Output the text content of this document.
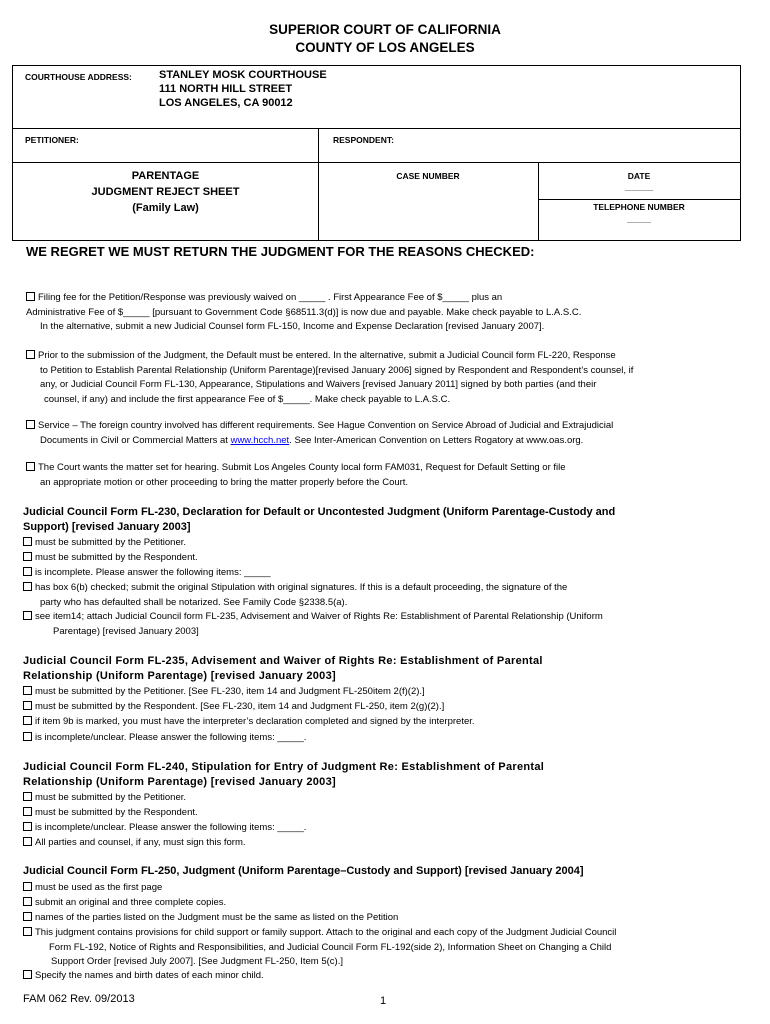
SUPERIOR COURT OF CALIFORNIA
COUNTY OF LOS ANGELES
COURTHOUSE ADDRESS: STANLEY MOSK COURTHOUSE
111 NORTH HILL STREET
LOS ANGELES, CA 90012
PETITIONER:	RESPONDENT:
PARENTAGE
JUDGMENT REJECT SHEET
(Family Law)
CASE NUMBER	DATE
______
TELEPHONE NUMBER
_____
WE REGRET WE MUST RETURN THE JUDGMENT FOR THE REASONS CHECKED:
Filing fee for the Petition/Response was previously waived on _____ . First Appearance Fee of $_____ plus an
Administrative Fee of $_____ [pursuant to Government Code §68511.3(d)] is now due and payable. Make check payable to L.A.S.C.
In the alternative, submit a new Judicial Counsel form FL-150, Income and Expense Declaration [revised January 2007].
Prior to the submission of the Judgment, the Default must be entered. In the alternative, submit a Judicial Council form FL-220, Response
to Petition to Establish Parental Relationship (Uniform Parentage)[revised January 2006] signed by Respondent and Respondent’s counsel, if
any, or Judicial Council Form FL-130, Appearance, Stipulations and Waivers [revised January 2011] signed by both parties (and their
counsel, if any) and include the first appearance Fee of $_____. Make check payable to L.A.S.C.
Service – The foreign country involved has different requirements. See Hague Convention on Service Abroad of Judicial and Extrajudicial
Documents in Civil or Commercial Matters at www.hcch.net. See Inter-American Convention on Letters Rogatory at www.oas.org.
The Court wants the matter set for hearing. Submit Los Angeles County local form FAM031, Request for Default Setting or file
an appropriate motion or other proceeding to bring the matter properly before the Court.
Judicial Council Form FL-230, Declaration for Default or Uncontested Judgment (Uniform Parentage-Custody and
Support) [revised January 2003]
must be submitted by the Petitioner.
must be submitted by the Respondent.
is incomplete. Please answer the following items: _____
has box 6(b) checked; submit the original Stipulation with original signatures. If this is a default proceeding, the signature of the
party who has defaulted shall be notarized. See Family Code §2338.5(a).
see item14; attach Judicial Council form FL-235, Advisement and Waiver of Rights Re: Establishment of Parental Relationship (Uniform
Parentage) [revised January 2003]
Judicial Council Form FL-235, Advisement and Waiver of Rights Re: Establishment of Parental
Relationship (Uniform Parentage) [revised January 2003]
must be submitted by the Petitioner. [See FL-230, item 14 and Judgment FL-250item 2(f)(2).]
must be submitted by the Respondent. [See FL-230, item 14 and Judgment FL-250, item 2(g)(2).]
if item 9b is marked, you must have the interpreter’s declaration completed and signed by the interpreter.
is incomplete/unclear. Please answer the following items: _____.
Judicial Council Form FL-240, Stipulation for Entry of Judgment Re: Establishment of Parental
Relationship (Uniform Parentage) [revised January 2003]
must be submitted by the Petitioner.
must be submitted by the Respondent.
is incomplete/unclear. Please answer the following items: _____.
All parties and counsel, if any, must sign this form.
Judicial Council Form FL-250, Judgment (Uniform Parentage–Custody and Support) [revised January 2004]
must be used as the first page
submit an original and three complete copies.
names of the parties listed on the Judgment must be the same as listed on the Petition
This judgment contains provisions for child support or family support. Attach to the original and each copy of the Judgment Judicial Council
Form FL-192, Notice of Rights and Responsibilities, and Judicial Council Form FL-192(side 2), Information Sheet on Changing a Child
Support Order [revised July 2007]. [See Judgment FL-250, Item 5(c).]
Specify the names and birth dates of each minor child.
FAM 062 Rev. 09/2013	1
